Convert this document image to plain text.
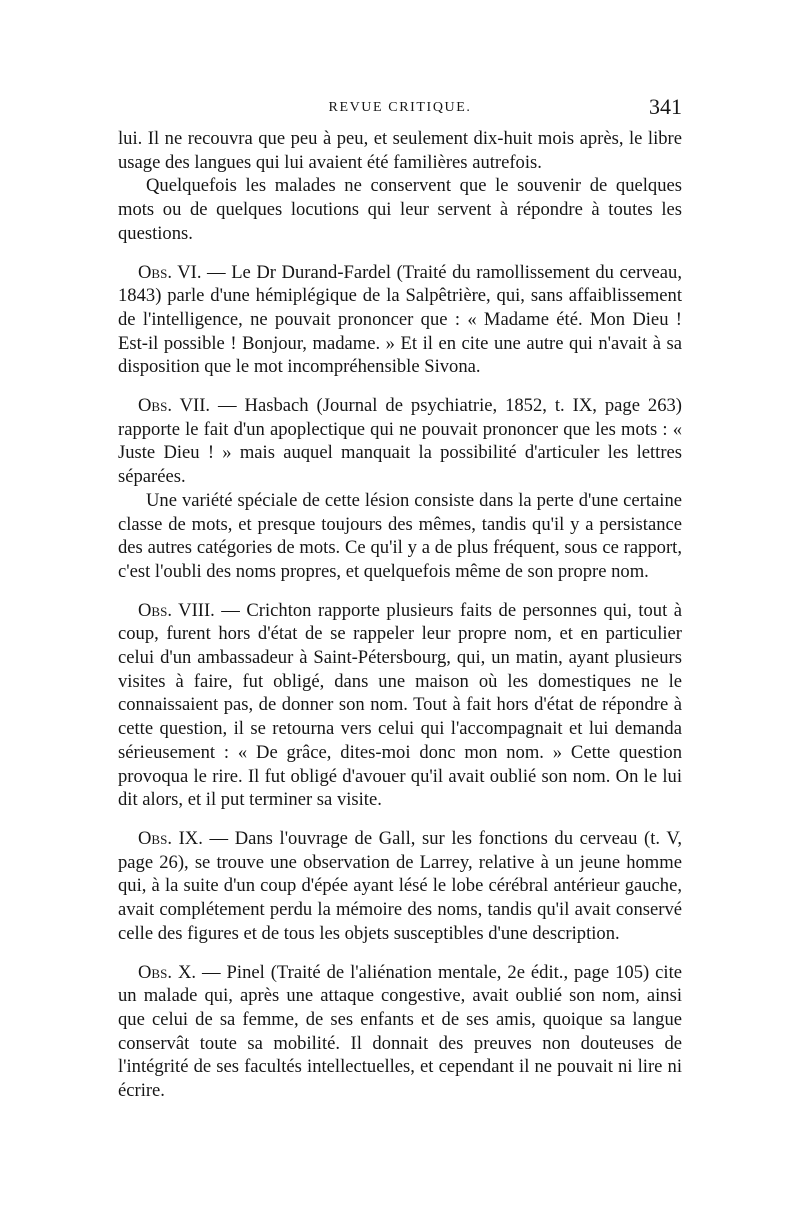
REVUE CRITIQUE.	341

lui. Il ne recouvra que peu à peu, et seulement dix-huit mois après, le libre usage des langues qui lui avaient été familières autrefois.

Quelquefois les malades ne conservent que le souvenir de quelques mots ou de quelques locutions qui leur servent à répondre à toutes les questions.

Obs. VI. — Le Dr Durand-Fardel (Traité du ramollissement du cerveau, 1843) parle d'une hémiplégique de la Salpêtrière, qui, sans affaiblissement de l'intelligence, ne pouvait prononcer que : « Madame été. Mon Dieu ! Est-il possible ! Bonjour, madame. » Et il en cite une autre qui n'avait à sa disposition que le mot incompréhensible Sivona.

Obs. VII. — Hasbach (Journal de psychiatrie, 1852, t. IX, page 263) rapporte le fait d'un apoplectique qui ne pouvait prononcer que les mots : « Juste Dieu ! » mais auquel manquait la possibilité d'articuler les lettres séparées.

Une variété spéciale de cette lésion consiste dans la perte d'une certaine classe de mots, et presque toujours des mêmes, tandis qu'il y a persistance des autres catégories de mots. Ce qu'il y a de plus fréquent, sous ce rapport, c'est l'oubli des noms propres, et quelquefois même de son propre nom.

Obs. VIII. — Crichton rapporte plusieurs faits de personnes qui, tout à coup, furent hors d'état de se rappeler leur propre nom, et en particulier celui d'un ambassadeur à Saint-Pétersbourg, qui, un matin, ayant plusieurs visites à faire, fut obligé, dans une maison où les domestiques ne le connaissaient pas, de donner son nom. Tout à fait hors d'état de répondre à cette question, il se retourna vers celui qui l'accompagnait et lui demanda sérieusement : « De grâce, dites-moi donc mon nom. » Cette question provoqua le rire. Il fut obligé d'avouer qu'il avait oublié son nom. On le lui dit alors, et il put terminer sa visite.

Obs. IX. — Dans l'ouvrage de Gall, sur les fonctions du cerveau (t. V, page 26), se trouve une observation de Larrey, relative à un jeune homme qui, à la suite d'un coup d'épée ayant lésé le lobe cérébral antérieur gauche, avait complétement perdu la mémoire des noms, tandis qu'il avait conservé celle des figures et de tous les objets susceptibles d'une description.

Obs. X. — Pinel (Traité de l'aliénation mentale, 2e édit., page 105) cite un malade qui, après une attaque congestive, avait oublié son nom, ainsi que celui de sa femme, de ses enfants et de ses amis, quoique sa langue conservât toute sa mobilité. Il donnait des preuves non douteuses de l'intégrité de ses facultés intellectuelles, et cependant il ne pouvait ni lire ni écrire.
